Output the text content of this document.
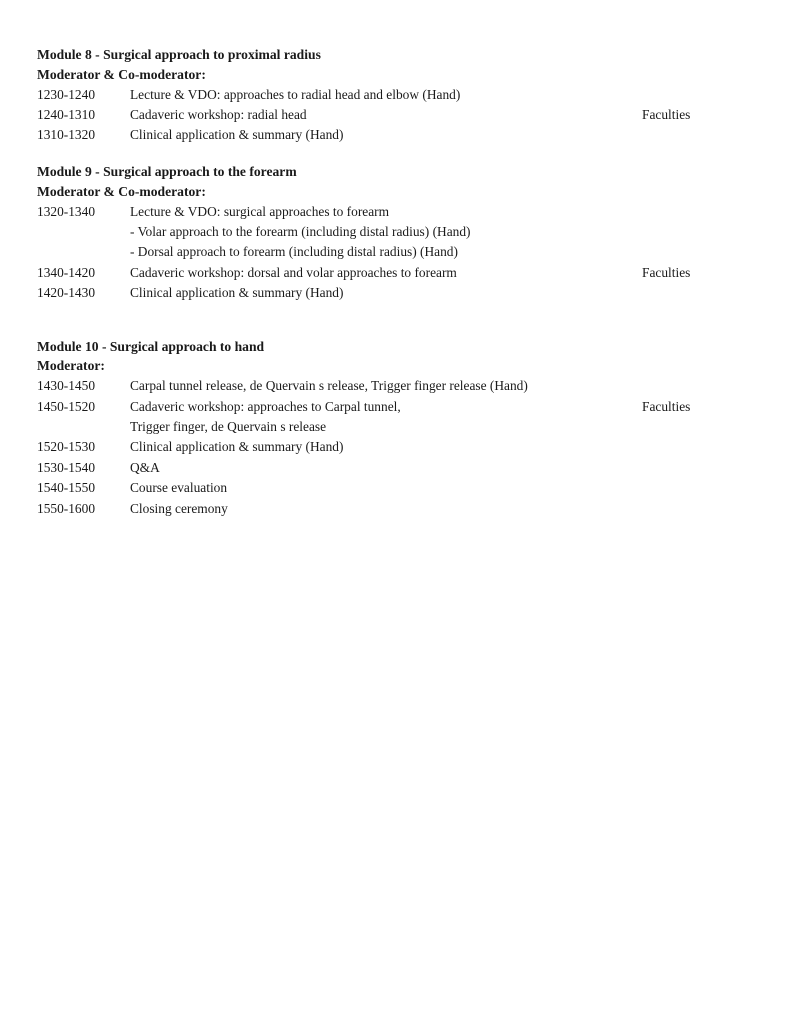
Module 8 - Surgical approach to proximal radius
Moderator & Co-moderator:
1230-1240	Lecture & VDO: approaches to radial head and elbow (Hand)
1240-1310	Cadaveric workshop: radial head	Faculties
1310-1320	Clinical application & summary (Hand)
Module 9 - Surgical approach to the forearm
Moderator & Co-moderator:
1320-1340	Lecture & VDO: surgical approaches to forearm
- Volar approach to the forearm (including distal radius) (Hand)
- Dorsal approach to forearm (including distal radius) (Hand)
1340-1420	Cadaveric workshop: dorsal and volar approaches to forearm	Faculties
1420-1430	Clinical application & summary (Hand)
Module 10 - Surgical approach to hand
Moderator:
1430-1450	Carpal tunnel release, de Quervain s release, Trigger finger release (Hand)
1450-1520	Cadaveric workshop: approaches to Carpal tunnel,	Faculties
Trigger finger, de Quervain s release
1520-1530	Clinical application & summary (Hand)
1530-1540	Q&A
1540-1550	Course evaluation
1550-1600	Closing ceremony
